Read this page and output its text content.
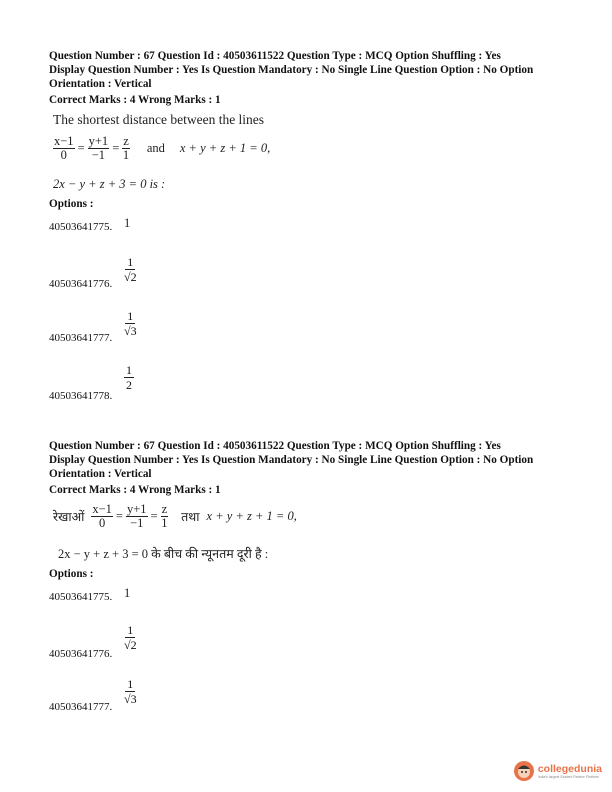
Question Number : 67 Question Id : 40503611522 Question Type : MCQ Option Shuffling : Yes
Display Question Number : Yes Is Question Mandatory : No Single Line Question Option : No Option
Orientation : Vertical
Correct Marks : 4 Wrong Marks : 1
The shortest distance between the lines
$\frac{x-1}{0} = \frac{y+1}{-1} = \frac{z}{1}$ and x + y + z + 1 = 0,
2x − y + z + 3 = 0 is :
Options :
40503641775. 1
40503641776. $\frac{1}{√2}$
40503641777. $\frac{1}{√3}$
40503641778.
$\frac{1}{2}$
Question Number : 67 Question Id : 40503611522 Question Type : MCQ Option Shuffling : Yes
Display Question Number : Yes Is Question Mandatory : No Single Line Question Option : No Option
Orientation : Vertical
Correct Marks : 4 Wrong Marks : 1
रेखाओं $\frac{x-1}{0} = \frac{y+1}{-1} = \frac{z}{1}$ तथा x + y + z + 1 = 0,
2x − y + z + 3 = 0 के बीच की न्यूनतम दूरी है :
Options :
40503641775. 1
40503641776.
$\frac{1}{√2}$
40503641777.
$\frac{1}{√3}$
collegedunia
India's largest Student Review Platform
